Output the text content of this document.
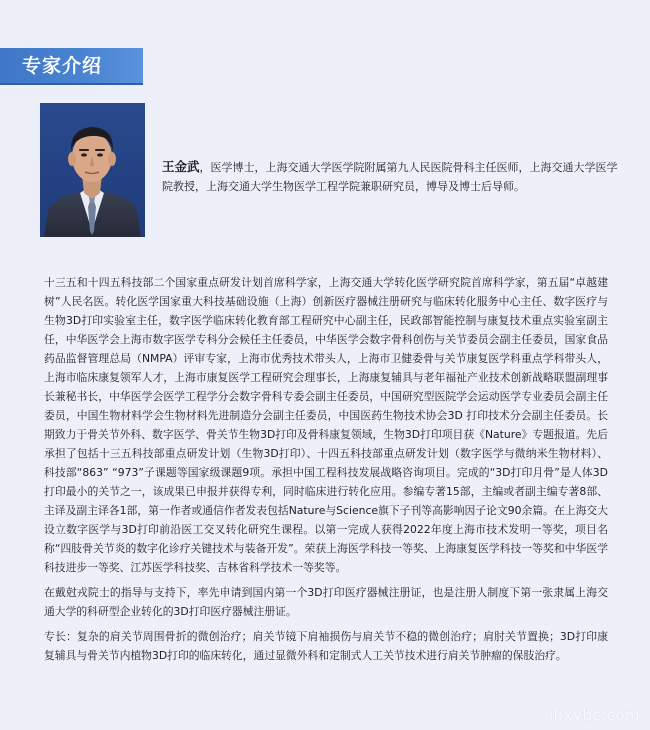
专家介绍
王金武，医学博士，上海交通大学医学院附属第九人民医院骨科主任医师，上海交通大学医学院教授，上海交通大学生物医学工程学院兼职研究员，博导及博士后导师。

十三五和十四五科技部二个国家重点研发计划首席科学家，上海交通大学转化医学研究院首席科学家，第五届“卓越建树”人民名医。转化医学国家重大科技基础设施（上海）创新医疗器械注册研究与临床转化服务中心主任、数字医疗与生物3D打印实验室主任，数字医学临床转化教育部工程研究中心副主任，民政部智能控制与康复技术重点实验室副主任，中华医学会上海市数字医学专科分会候任主任委员，中华医学会数字骨科创伤与关节委员会副主任委员，国家食品药品监督管理总局（NMPA）评审专家，上海市优秀技术带头人，上海市卫健委骨与关节康复医学科重点学科带头人，上海市临床康复领军人才，上海市康复医学工程研究会理事长，上海康复辅具与老年福祉产业技术创新战略联盟副理事长兼秘书长，中华医学会医学工程学分会数字骨科专委会副主任委员，中国研究型医院学会运动医学专业委员会副主任委员，中国生物材料学会生物材料先进制造分会副主任委员，中国医药生物技术协会3D 打印技术分会副主任委员。长期致力于骨关节外科、数字医学、骨关节生物3D打印及骨科康复领域，生物3D打印项目获《Nature》专题报道。先后承担了包括十三五科技部重点研发计划（生物3D打印）、十四五科技部重点研发计划（数字医学与微纳米生物材料）、科技部“863” “973”子课题等国家级课题9项。承担中国工程科技发展战略咨询项目。完成的“3D打印月骨”是人体3D打印最小的关节之一，该成果已申报并获得专利，同时临床进行转化应用。参编专著15部，主编或者副主编专著8部、主译及副主译各1部，第一作者或通信作者发表包括Nature与Science旗下子刊等高影响因子论文90余篇。在上海交大设立数字医学与3D打印前沿医工交叉转化研究生课程。以第一完成人获得2022年度上海市技术发明一等奖，项目名称“四肢骨关节炎的数字化诊疗关键技术与装备开发”。荣获上海医学科技一等奖、上海康复医学科技一等奖和中华医学科技进步一等奖、江苏医学科技奖、吉林省科学技术一等奖等。

在戴尅戎院士的指导与支持下，率先申请到国内第一个3D打印医疗器械注册证，也是注册人制度下第一张隶属上海交通大学的科研型企业转化的3D打印医疗器械注册证。

专长：复杂的肩关节周围骨折的微创治疗；肩关节镜下肩袖损伤与肩关节不稳的微创治疗；肩肘关节置换；3D打印康复辅具与骨关节内植物3D打印的临床转化，通过显微外科和定制式人工关节技术进行肩关节肿瘤的保肢治疗。

lhxybc.com
